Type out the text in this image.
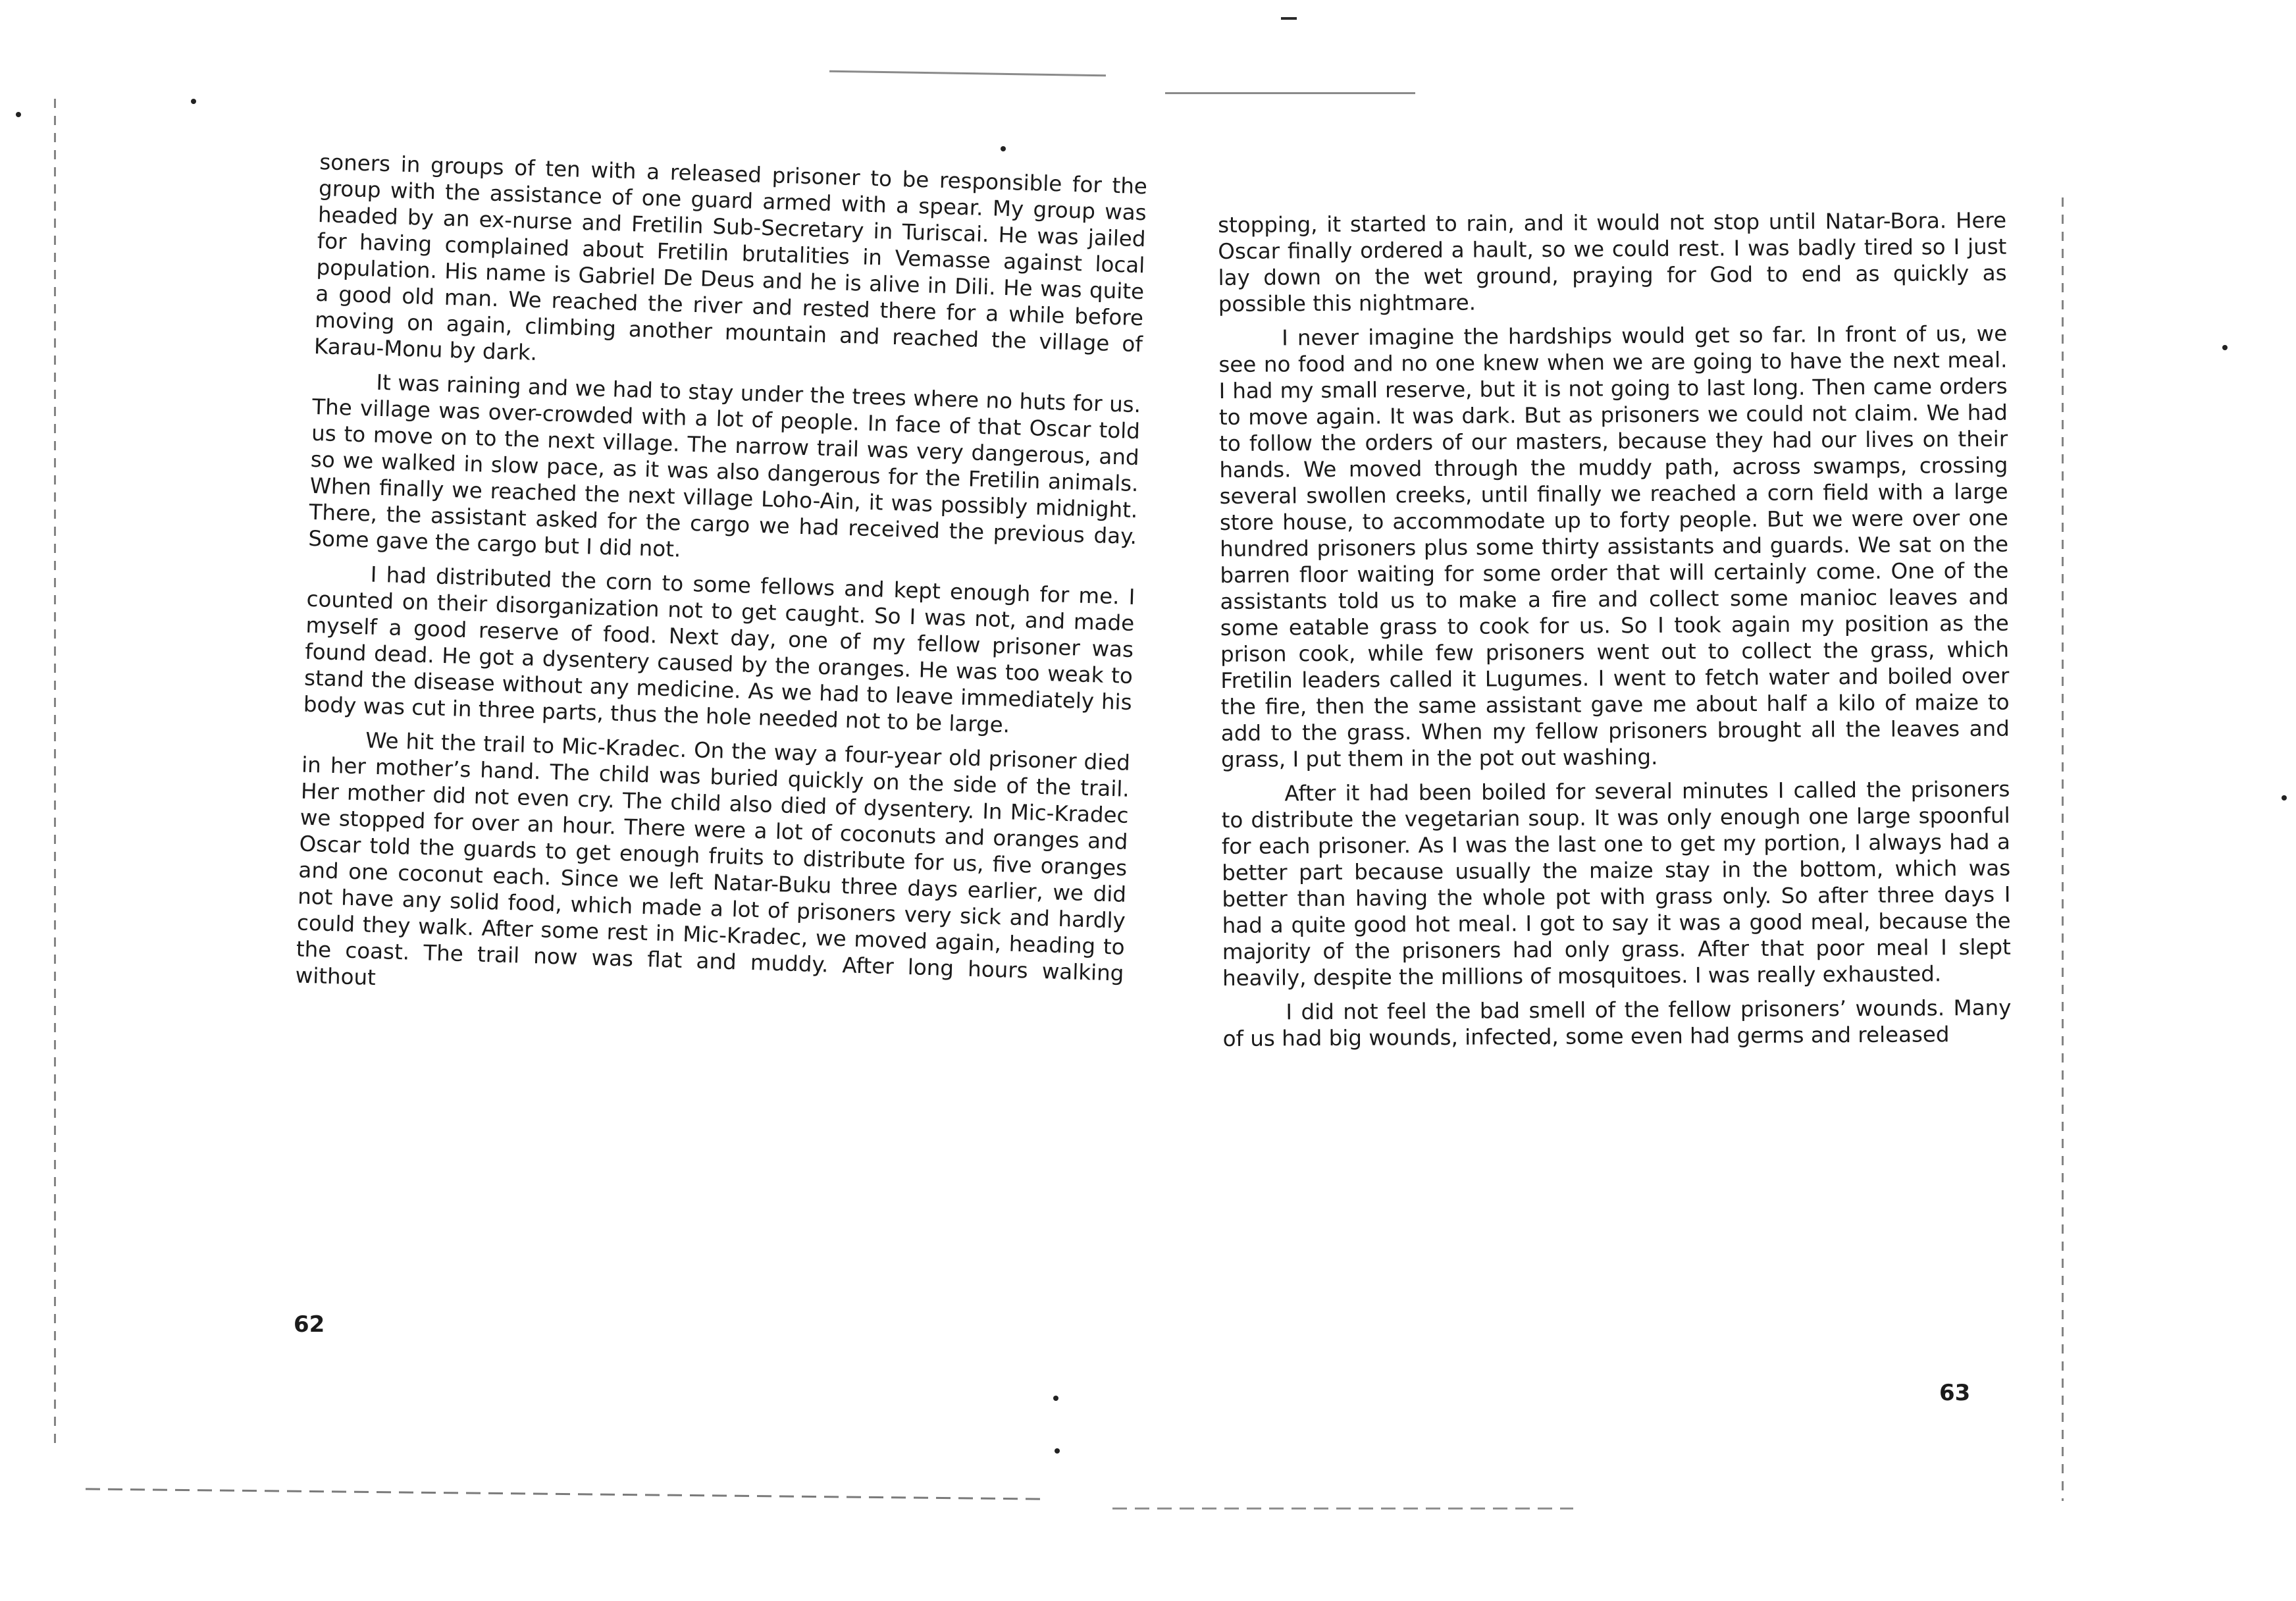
soners in groups of ten with a released prisoner to be responsible for the group with the assistance of one guard armed with a spear. My group was headed by an ex-nurse and Fretilin Sub-Secretary in Turiscai. He was jailed for having complained about Fretilin brutalities in Vemasse against local population. His name is Gabriel De Deus and he is alive in Dili. He was quite a good old man. We reached the river and rested there for a while before moving on again, climbing another mountain and reached the village of Karau-Monu by dark.

It was raining and we had to stay under the trees where no huts for us. The village was over-crowded with a lot of people. In face of that Oscar told us to move on to the next village. The narrow trail was very dangerous, and so we walked in slow pace, as it was also dangerous for the Fretilin animals. When finally we reached the next village Loho-Ain, it was possibly midnight. There, the assistant asked for the cargo we had received the previous day. Some gave the cargo but I did not.

I had distributed the corn to some fellows and kept enough for me. I counted on their disorganization not to get caught. So I was not, and made myself a good reserve of food. Next day, one of my fellow prisoner was found dead. He got a dysentery caused by the oranges. He was too weak to stand the disease without any medicine. As we had to leave immediately his body was cut in three parts, thus the hole needed not to be large.

We hit the trail to Mic-Kradec. On the way a four-year old prisoner died in her mother’s hand. The child was buried quickly on the side of the trail. Her mother did not even cry. The child also died of dysentery. In Mic-Kradec we stopped for over an hour. There were a lot of coconuts and oranges and Oscar told the guards to get enough fruits to distribute for us, five oranges and one coconut each. Since we left Natar-Buku three days earlier, we did not have any solid food, which made a lot of prisoners very sick and hardly could they walk. After some rest in Mic-Kradec, we moved again, heading to the coast. The trail now was flat and muddy. After long hours walking without

62

stopping, it started to rain, and it would not stop until Natar-Bora. Here Oscar finally ordered a hault, so we could rest. I was badly tired so I just lay down on the wet ground, praying for God to end as quickly as possible this nightmare.

I never imagine the hardships would get so far. In front of us, we see no food and no one knew when we are going to have the next meal. I had my small reserve, but it is not going to last long. Then came orders to move again. It was dark. But as prisoners we could not claim. We had to follow the orders of our masters, because they had our lives on their hands. We moved through the muddy path, across swamps, crossing several swollen creeks, until finally we reached a corn field with a large store house, to accommodate up to forty people. But we were over one hundred prisoners plus some thirty assistants and guards. We sat on the barren floor waiting for some order that will certainly come. One of the assistants told us to make a fire and collect some manioc leaves and some eatable grass to cook for us. So I took again my position as the prison cook, while few prisoners went out to collect the grass, which Fretilin leaders called it Lugumes. I went to fetch water and boiled over the fire, then the same assistant gave me about half a kilo of maize to add to the grass. When my fellow prisoners brought all the leaves and grass, I put them in the pot out washing.

After it had been boiled for several minutes I called the prisoners to distribute the vegetarian soup. It was only enough one large spoonful for each prisoner. As I was the last one to get my portion, I always had a better part because usually the maize stay in the bottom, which was better than having the whole pot with grass only. So after three days I had a quite good hot meal. I got to say it was a good meal, because the majority of the prisoners had only grass. After that poor meal I slept heavily, despite the millions of mosquitoes. I was really exhausted.

I did not feel the bad smell of the fellow prisoners’ wounds. Many of us had big wounds, infected, some even had germs and released

63
